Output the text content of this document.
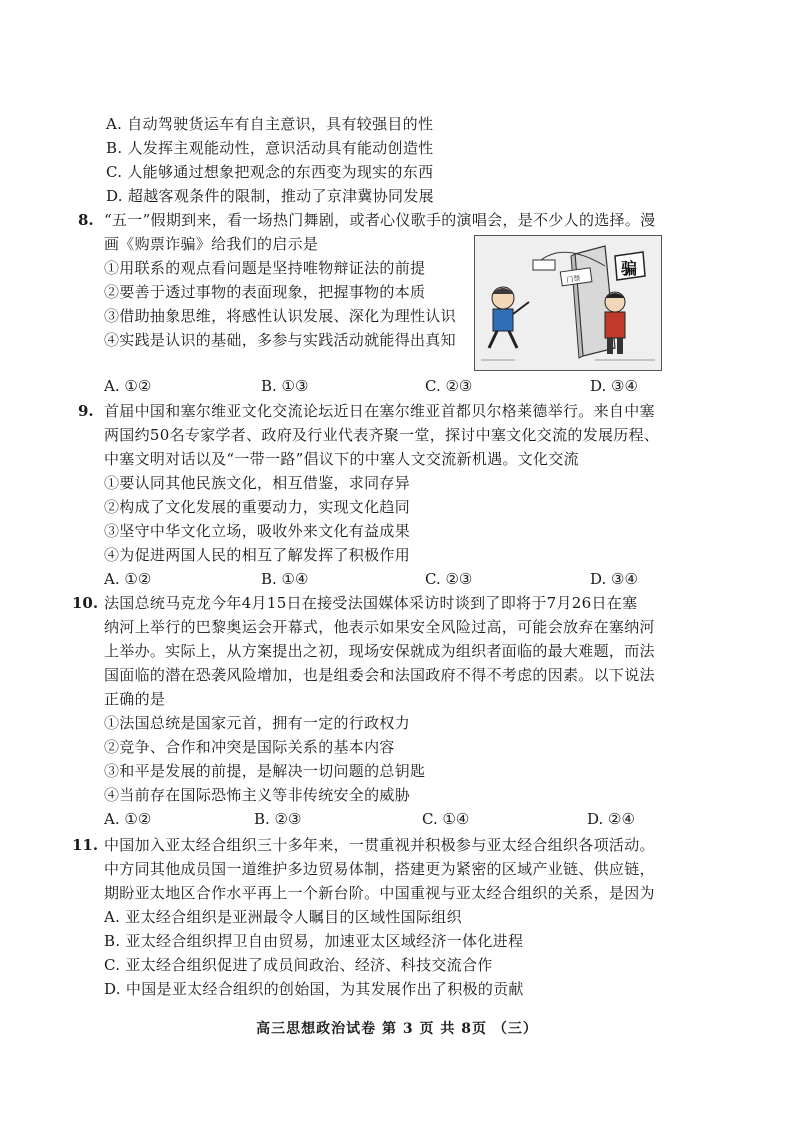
A. 自动驾驶货运车有自主意识，具有较强目的性
B. 人发挥主观能动性，意识活动具有能动创造性
C. 人能够通过想象把观念的东西变为现实的东西
D. 超越客观条件的限制，推动了京津冀协同发展
8. “五一”假期到来，看一场热门舞剧，或者心仪歌手的演唱会，是不少人的选择。漫
画《购票诈骗》给我们的启示是
①用联系的观点看问题是坚持唯物辩证法的前提
②要善于透过事物的表面现象，把握事物的本质
③借助抽象思维，将感性认识发展、深化为理性认识
④实践是认识的基础，多参与实践活动就能得出真知
门票
骗
A. ①②	B. ①③	C. ②③	D. ③④
9. 首届中国和塞尔维亚文化交流论坛近日在塞尔维亚首都贝尔格莱德举行。来自中塞
两国约50名专家学者、政府及行业代表齐聚一堂，探讨中塞文化交流的发展历程、
中塞文明对话以及“一带一路”倡议下的中塞人文交流新机遇。文化交流
①要认同其他民族文化，相互借鉴，求同存异
②构成了文化发展的重要动力，实现文化趋同
③坚守中华文化立场，吸收外来文化有益成果
④为促进两国人民的相互了解发挥了积极作用
A. ①②	B. ①④	C. ②③	D. ③④
10. 法国总统马克龙今年4月15日在接受法国媒体采访时谈到了即将于7月26日在塞
纳河上举行的巴黎奥运会开幕式，他表示如果安全风险过高，可能会放弃在塞纳河
上举办。实际上，从方案提出之初，现场安保就成为组织者面临的最大难题，而法
国面临的潜在恐袭风险增加，也是组委会和法国政府不得不考虑的因素。以下说法
正确的是
①法国总统是国家元首，拥有一定的行政权力
②竞争、合作和冲突是国际关系的基本内容
③和平是发展的前提，是解决一切问题的总钥匙
④当前存在国际恐怖主义等非传统安全的威胁
A. ①②	B. ②③	C. ①④	D. ②④
11. 中国加入亚太经合组织三十多年来，一贯重视并积极参与亚太经合组织各项活动。
中方同其他成员国一道维护多边贸易体制，搭建更为紧密的区域产业链、供应链，
期盼亚太地区合作水平再上一个新台阶。中国重视与亚太经合组织的关系，是因为
A. 亚太经合组织是亚洲最令人瞩目的区域性国际组织
B. 亚太经合组织捍卫自由贸易，加速亚太区域经济一体化进程
C. 亚太经合组织促进了成员间政治、经济、科技交流合作
D. 中国是亚太经合组织的创始国，为其发展作出了积极的贡献
高三思想政治试卷 第 3 页 共 8页 （三）
